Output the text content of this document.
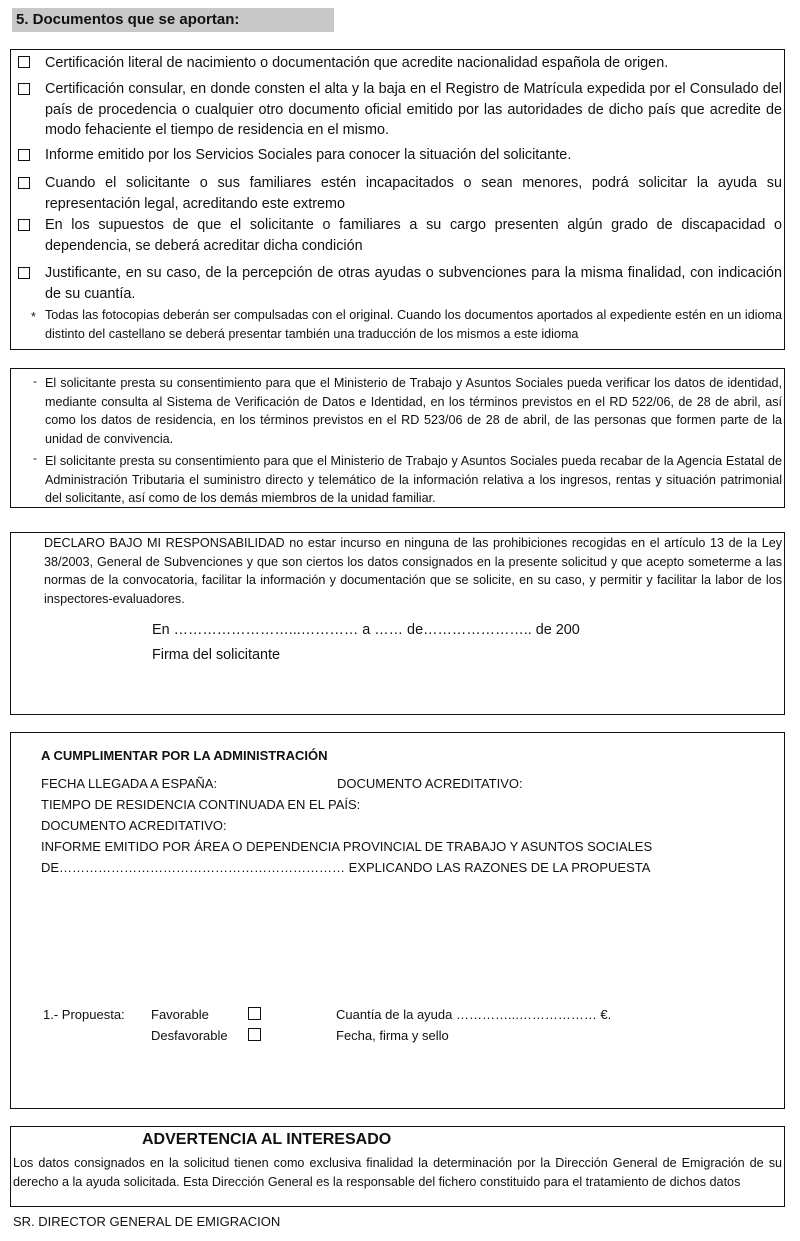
5. Documentos que se aportan:
Certificación literal de nacimiento o documentación que acredite nacionalidad española de origen.
Certificación consular, en donde consten el alta y la baja en el Registro de Matrícula expedida por el Consulado del país de procedencia o cualquier otro documento oficial emitido por las autoridades de dicho país que acredite de modo fehaciente el tiempo de residencia en el mismo.
Informe emitido por los Servicios Sociales para conocer la situación del solicitante.
Cuando el solicitante o sus familiares estén incapacitados o sean menores, podrá solicitar la ayuda su representación legal, acreditando este extremo
En los supuestos de que el solicitante o familiares a su cargo presenten algún grado de discapacidad o dependencia, se deberá acreditar dicha condición
Justificante, en su caso, de la percepción de otras ayudas o subvenciones para la misma finalidad, con indicación de su cuantía.
* Todas las fotocopias deberán ser compulsadas con el original. Cuando los documentos aportados al expediente estén en un idioma distinto del castellano se deberá presentar también una traducción de los mismos a este idioma
- El solicitante presta su consentimiento para que el Ministerio de Trabajo y Asuntos Sociales pueda verificar los datos de identidad, mediante consulta al Sistema de Verificación de Datos e Identidad, en los términos previstos en el RD 522/06, de 28 de abril, así como los datos de residencia, en los términos previstos en el RD 523/06 de 28 de abril, de las personas que formen parte de la unidad de convivencia.
- El solicitante presta su consentimiento para que el Ministerio de Trabajo y Asuntos Sociales pueda recabar de la Agencia Estatal de Administración Tributaria el suministro directo y telemático de la información relativa a los ingresos, rentas y situación patrimonial del solicitante, así como de los demás miembros de la unidad familiar.
DECLARO BAJO MI RESPONSABILIDAD no estar incurso en ninguna de las prohibiciones recogidas en el artículo 13 de la Ley 38/2003, General de Subvenciones y que son ciertos los datos consignados en la presente solicitud y que acepto someterme a las normas de la convocatoria, facilitar la información y documentación que se solicite, en su caso, y permitir y facilitar la labor de los inspectores-evaluadores.
En ……………………...………… a …… de………………….. de 200
Firma del solicitante
A CUMPLIMENTAR POR LA ADMINISTRACIÓN
FECHA LLEGADA A ESPAÑA:	DOCUMENTO ACREDITATIVO:
TIEMPO DE RESIDENCIA CONTINUADA EN EL PAÍS:
DOCUMENTO ACREDITATIVO:
INFORME EMITIDO POR ÁREA O DEPENDENCIA PROVINCIAL DE TRABAJO Y ASUNTOS SOCIALES
DE………………………………………………………… EXPLICANDO LAS RAZONES DE LA PROPUESTA
1.- Propuesta: Favorable	Cuantía de la ayuda …………...……………… €.
Desfavorable	Fecha, firma y sello
Los datos consignados en la solicitud tienen como exclusiva finalidad la determinación por la Dirección General de Emigración de su derecho a la ayuda solicitada. Esta Dirección General es la responsable del fichero constituido para el tratamiento de dichos datos
ADVERTENCIA AL INTERESADO
SR. DIRECTOR GENERAL DE EMIGRACION
